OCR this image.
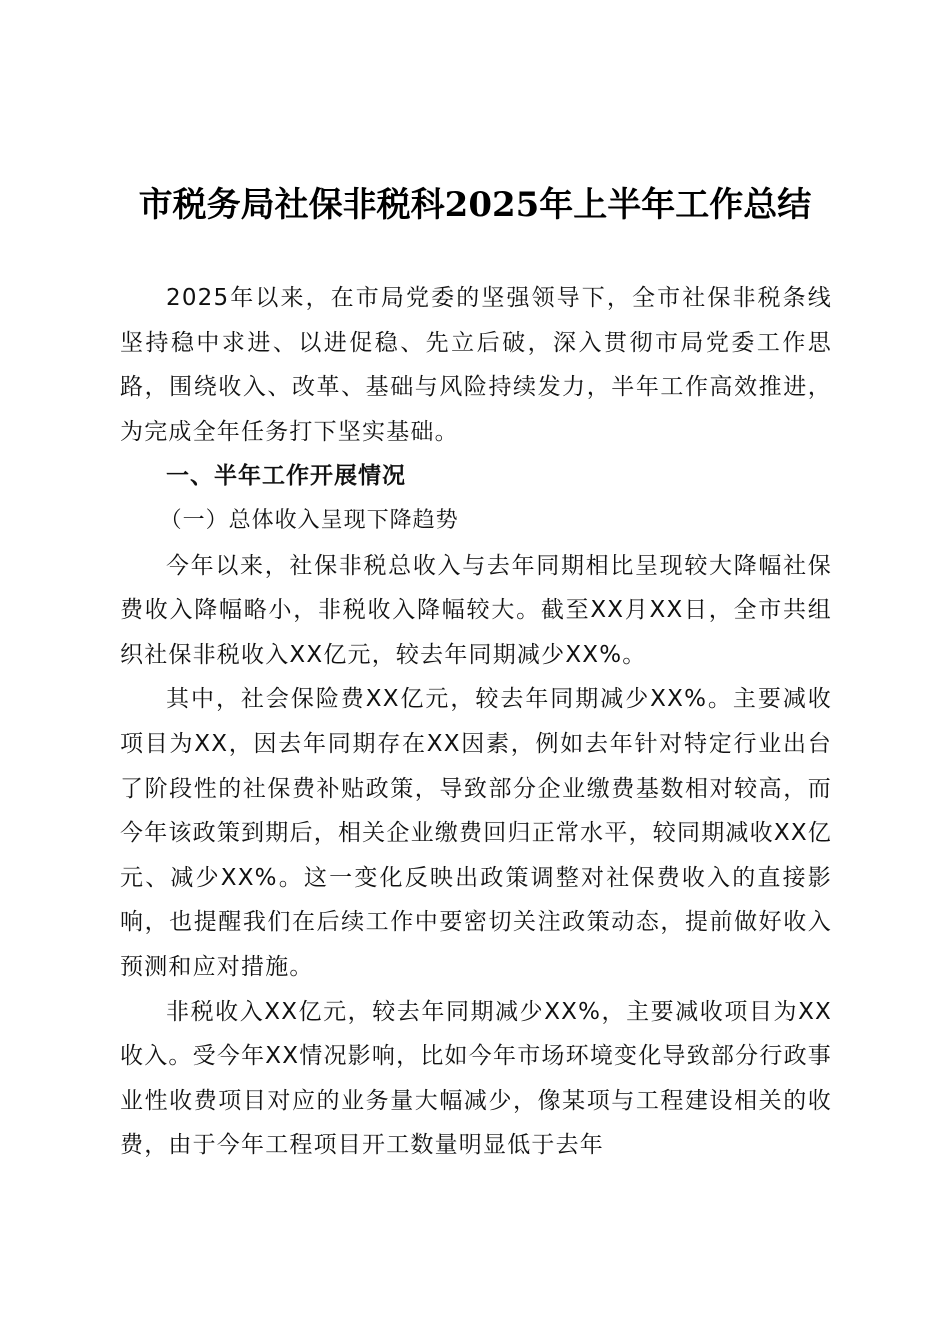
市税务局社保非税科2025年上半年工作总结

2025年以来，在市局党委的坚强领导下，全市社保非税条线坚持稳中求进、以进促稳、先立后破，深入贯彻市局党委工作思路，围绕收入、改革、基础与风险持续发力，半年工作高效推进，为完成全年任务打下坚实基础。

一、半年工作开展情况

（一）总体收入呈现下降趋势

今年以来，社保非税总收入与去年同期相比呈现较大降幅社保费收入降幅略小，非税收入降幅较大。截至XX月XX日，全市共组织社保非税收入XX亿元，较去年同期减少XX%。

其中，社会保险费XX亿元，较去年同期减少XX%。主要减收项目为XX，因去年同期存在XX因素，例如去年针对特定行业出台了阶段性的社保费补贴政策，导致部分企业缴费基数相对较高，而今年该政策到期后，相关企业缴费回归正常水平，较同期减收XX亿元、减少XX%。这一变化反映出政策调整对社保费收入的直接影响，也提醒我们在后续工作中要密切关注政策动态，提前做好收入预测和应对措施。

非税收入XX亿元，较去年同期减少XX%，主要减收项目为XX收入。受今年XX情况影响，比如今年市场环境变化导致部分行政事业性收费项目对应的业务量大幅减少，像某项与工程建设相关的收费，由于今年工程项目开工数量明显低于去年
